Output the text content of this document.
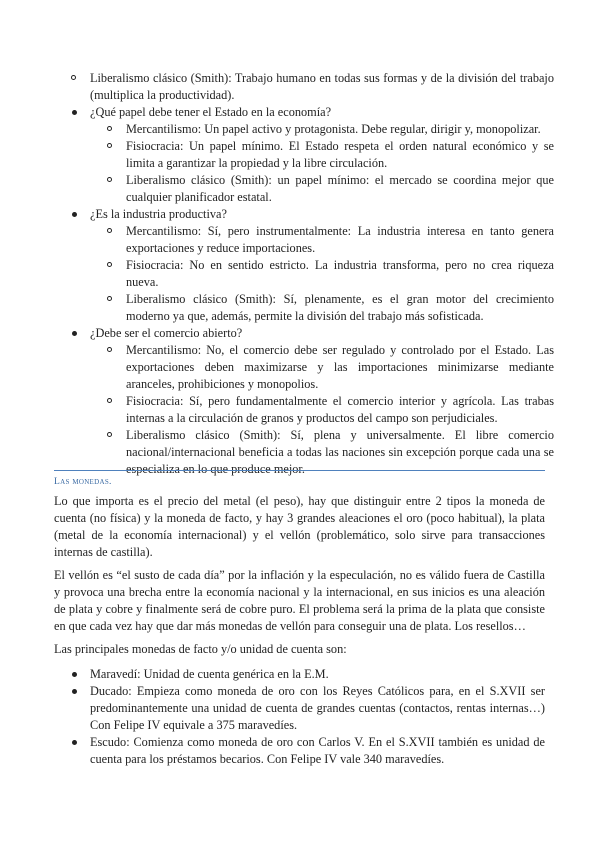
Liberalismo clásico (Smith): Trabajo humano en todas sus formas y de la división del trabajo (multiplica la productividad).
¿Qué papel debe tener el Estado en la economía?
Mercantilismo: Un papel activo y protagonista. Debe regular, dirigir y, monopolizar.
Fisiocracia: Un papel mínimo. El Estado respeta el orden natural económico y se limita a garantizar la propiedad y la libre circulación.
Liberalismo clásico (Smith): un papel mínimo: el mercado se coordina mejor que cualquier planificador estatal.
¿Es la industria productiva?
Mercantilismo: Sí, pero instrumentalmente: La industria interesa en tanto genera exportaciones y reduce importaciones.
Fisiocracia: No en sentido estricto. La industria transforma, pero no crea riqueza nueva.
Liberalismo clásico (Smith): Sí, plenamente, es el gran motor del crecimiento moderno ya que, además, permite la división del trabajo más sofisticada.
¿Debe ser el comercio abierto?
Mercantilismo: No, el comercio debe ser regulado y controlado por el Estado. Las exportaciones deben maximizarse y las importaciones minimizarse mediante aranceles, prohibiciones y monopolios.
Fisiocracia: Sí, pero fundamentalmente el comercio interior y agrícola. Las trabas internas a la circulación de granos y productos del campo son perjudiciales.
Liberalismo clásico (Smith): Sí, plena y universalmente. El libre comercio nacional/internacional beneficia a todas las naciones sin excepción porque cada una se especializa en lo que produce mejor.
Las monedas.

Lo que importa es el precio del metal (el peso), hay que distinguir entre 2 tipos la moneda de cuenta (no física) y la moneda de facto, y hay 3 grandes aleaciones el oro (poco habitual), la plata (metal de la economía internacional) y el vellón (problemático, solo sirve para transacciones internas de castilla).

El vellón es “el susto de cada día” por la inflación y la especulación, no es válido fuera de Castilla y provoca una brecha entre la economía nacional y la internacional, en sus inicios es una aleación de plata y cobre y finalmente será de cobre puro. El problema será la prima de la plata que consiste en que cada vez hay que dar más monedas de vellón para conseguir una de plata. Los resellos…

Las principales monedas de facto y/o unidad de cuenta son:

Maravedí: Unidad de cuenta genérica en la E.M.
Ducado: Empieza como moneda de oro con los Reyes Católicos para, en el S.XVII ser predominantemente una unidad de cuenta de grandes cuentas (contactos, rentas internas…) Con Felipe IV equivale a 375 maravedíes.
Escudo: Comienza como moneda de oro con Carlos V. En el S.XVII también es unidad de cuenta para los préstamos becarios. Con Felipe IV vale 340 maravedíes.
